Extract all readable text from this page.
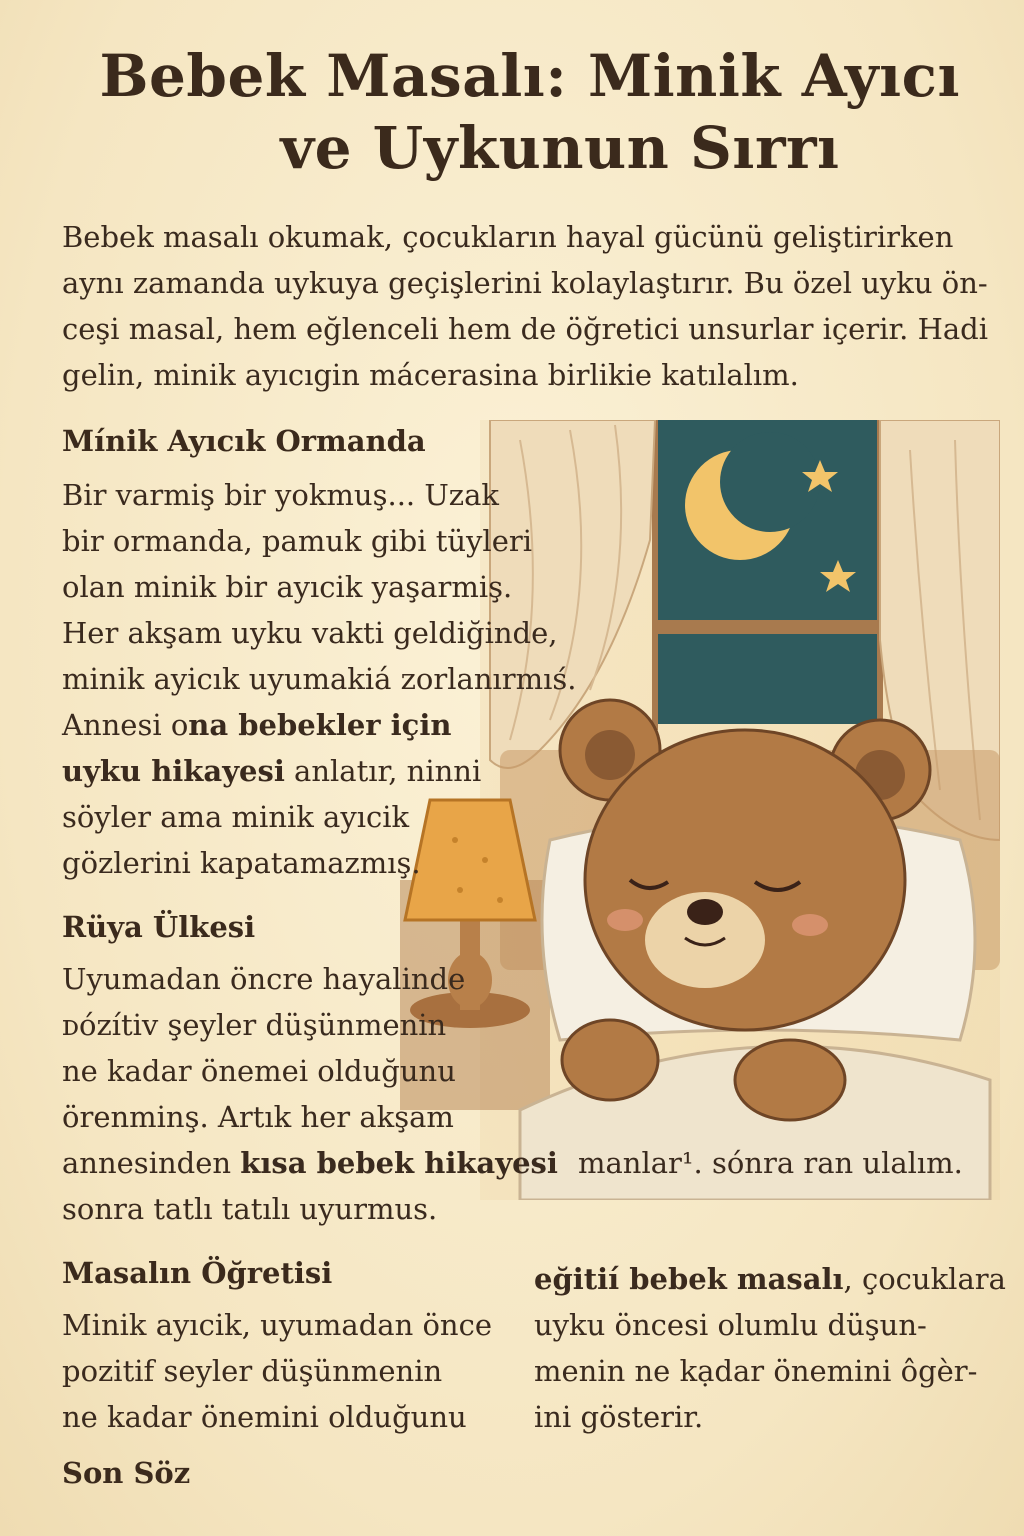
Bebek Masalı: Minik Ayıcı
ve Uykunun Sırrı

Bebek masalı okumak, çocukların hayal gücünü geliştirirken
aynı zamanda uykuya geçişlerini kolaylaştırır. Bu özel uyku ön-
ceşi masal, hem eğlenceli hem de öğretici unsurlar içerir. Hadi
gelin, minik ayıcıgin mácerasina birlikie katılalım.

Mínik Ayıcık Ormanda

Bir varmiş bir yokmuş... Uzak
bir ormanda, pamuk gibi tüyleri
olan minik bir ayıcik yaşarmiş.
Her akşam uyku vakti geldiğinde,
minik ayicık uyumakiá zorlanırmıś.
Annesi ona bebekler için
uyku hikayesi anlatır, ninni
söyler ama minik ayıcik
gözlerini kapatamazmış.

Rüya Ülkesi

Uyumadan öncre hayalinde
ᴅózítiv şeyler düşünmenin
ne kadar önemei olduğunu
örenminş. Artık her akşam
annesinden kısa bebek hikayesi
sonra tatlı tatılı uyurmus.

manlar¹. sónra ran ulalım.

Masalın Öğretisi

Minik ayıcik, uyumadan önce
pozitif seyler düşünmenin
ne kadar önemini olduğunu

eğitií bebek masalı, çocuklara
uyku öncesi olumlu düşun-
menin ne kạdar önemini ôgèr-
ini gösterir.

Son Söz
